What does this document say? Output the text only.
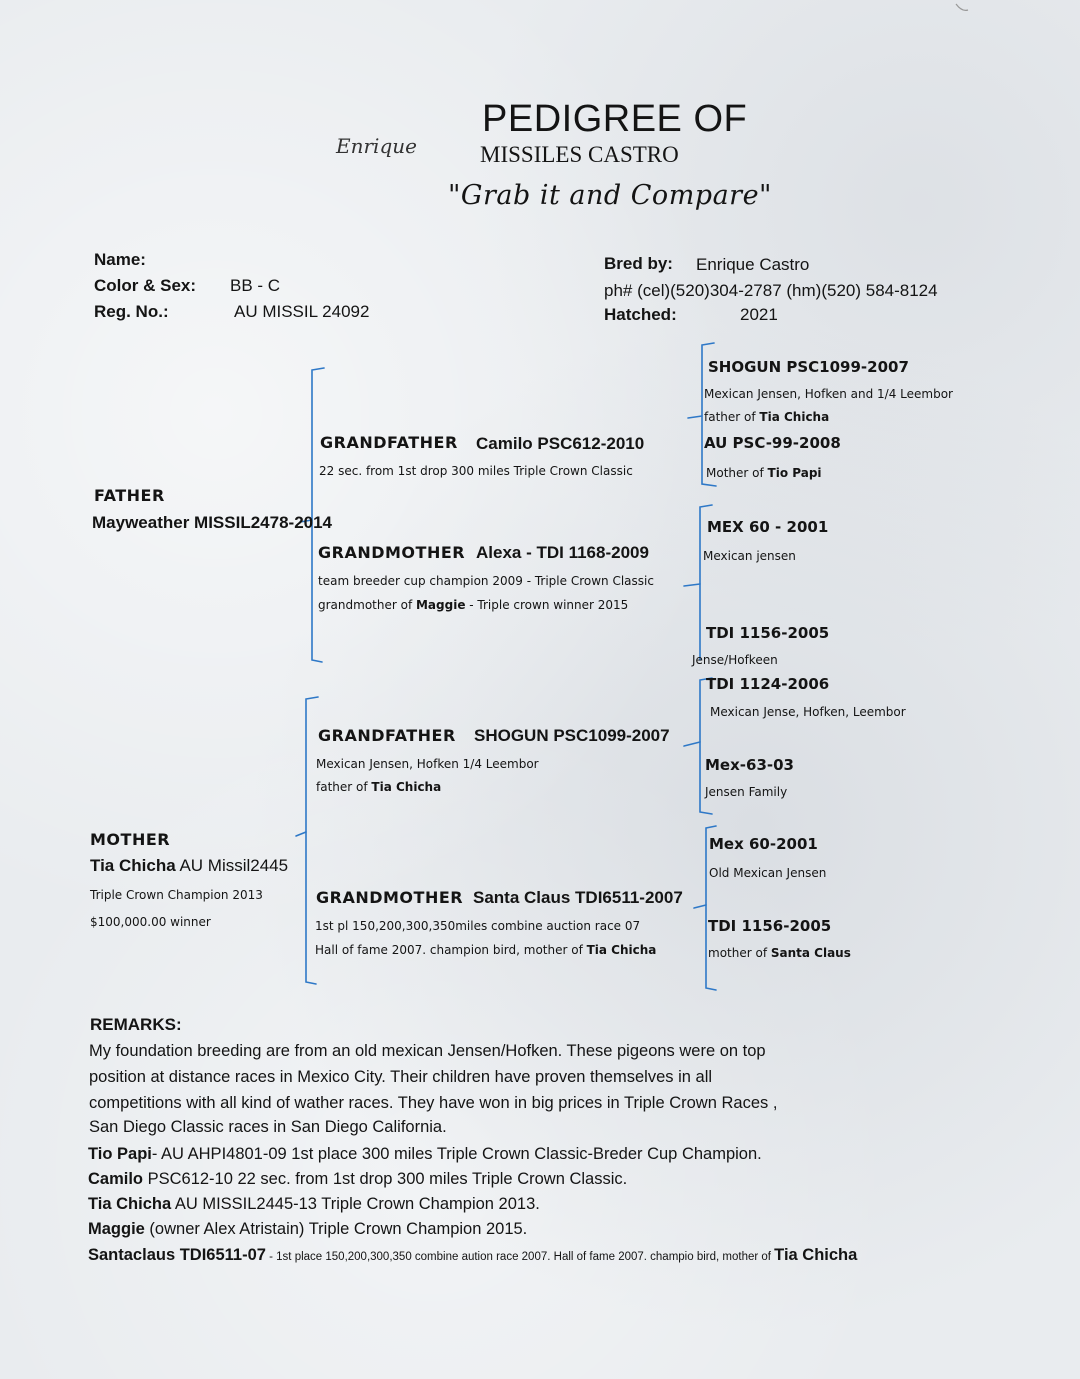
PEDIGREE OF
MISSILES CASTRO
Enrique
"Grab it and Compare"
Name:
Color & Sex: BB - C
Reg. No.:	AU MISSIL 24092
Bred by: Enrique Castro
ph# (cel)(520)304-2787 (hm)(520) 584-8124
Hatched:	2021
FATHER
Mayweather MISSIL2478-2014
MOTHER
Tia Chicha AU Missil2445
Triple Crown Champion 2013
$100,000.00 winner
GRANDFATHER Camilo PSC612-2010
22 sec. from 1st drop 300 miles Triple Crown Classic
GRANDMOTHER Alexa - TDI 1168-2009
team breeder cup champion 2009 - Triple Crown Classic
grandmother of Maggie - Triple crown winner 2015
GRANDFATHER SHOGUN PSC1099-2007
Mexican Jensen, Hofken 1/4 Leembor
father of Tia Chicha
GRANDMOTHER Santa Claus TDI6511-2007
1st pl 150,200,300,350miles combine auction race 07
Hall of fame 2007. champion bird, mother of Tia Chicha
SHOGUN PSC1099-2007
Mexican Jensen, Hofken and 1/4 Leembor
father of Tia Chicha
AU PSC-99-2008
Mother of Tio Papi
MEX 60 - 2001
Mexican jensen
TDI 1156-2005
Jense/Hofkeen
TDI 1124-2006
Mexican Jense, Hofken, Leembor
Mex-63-03
Jensen Family
Mex 60-2001
Old Mexican Jensen
TDI 1156-2005
mother of Santa Claus
REMARKS:
My foundation breeding are from an old mexican Jensen/Hofken. These pigeons were on top
position at distance races in Mexico City. Their children have proven themselves in all
competitions with all kind of wather races. They have won in big prices in Triple Crown Races ,
San Diego Classic races in San Diego California.
Tio Papi- AU AHPI4801-09 1st place 300 miles Triple Crown Classic-Breder Cup Champion.
Camilo PSC612-10 22 sec. from 1st drop 300 miles Triple Crown Classic.
Tia Chicha AU MISSIL2445-13 Triple Crown Champion 2013.
Maggie (owner Alex Atristain) Triple Crown Champion 2015.
Santaclaus TDI6511-07 - 1st place 150,200,300,350 combine aution race 2007. Hall of fame 2007. champio bird, mother of Tia Chicha
